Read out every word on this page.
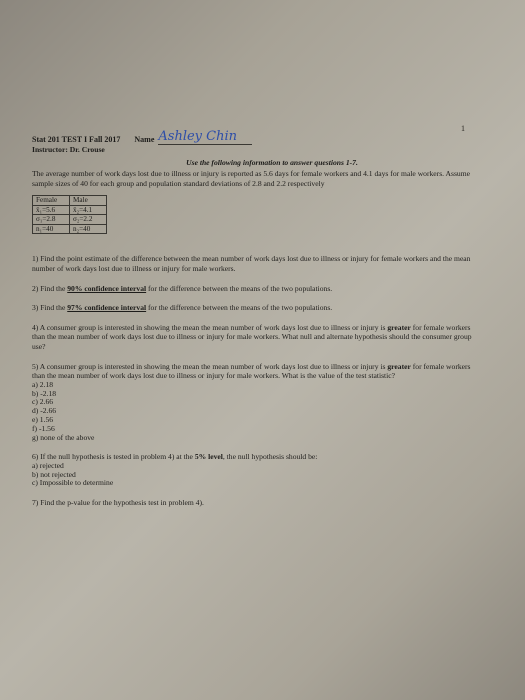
1
Stat 201 TEST I Fall 2017 Name Ashley Chin
Instructor: Dr. Crouse
Use the following information to answer questions 1-7.
The average number of work days lost due to illness or injury is reported as 5.6 days for female workers and 4.1 days for male workers. Assume sample sizes of 40 for each group and population standard deviations of 2.8 and 2.2 respectively
Female	Male
x̄₁=5.6	x̄₂=4.1
σ₁=2.8	σ₂=2.2
n₁=40	n₂=40
1) Find the point estimate of the difference between the mean number of work days lost due to illness or injury for female workers and the mean number of work days lost due to illness or injury for male workers.
2) Find the 90% confidence interval for the difference between the means of the two populations.
3) Find the 97% confidence interval for the difference between the means of the two populations.
4) A consumer group is interested in showing the mean the mean number of work days lost due to illness or injury is greater for female workers than the mean number of work days lost due to illness or injury for male workers. What null and alternate hypothesis should the consumer group use?
5) A consumer group is interested in showing the mean the mean number of work days lost due to illness or injury is greater for female workers than the mean number of work days lost due to illness or injury for male workers. What is the value of the test statistic?
a) 2.18
b) -2.18
c) 2.66
d) -2.66
e) 1.56
f) -1.56
g) none of the above
6) If the null hypothesis is tested in problem 4) at the 5% level, the null hypothesis should be:
a) rejected
b) not rejected
c) Impossible to determine
7) Find the p-value for the hypothesis test in problem 4).
